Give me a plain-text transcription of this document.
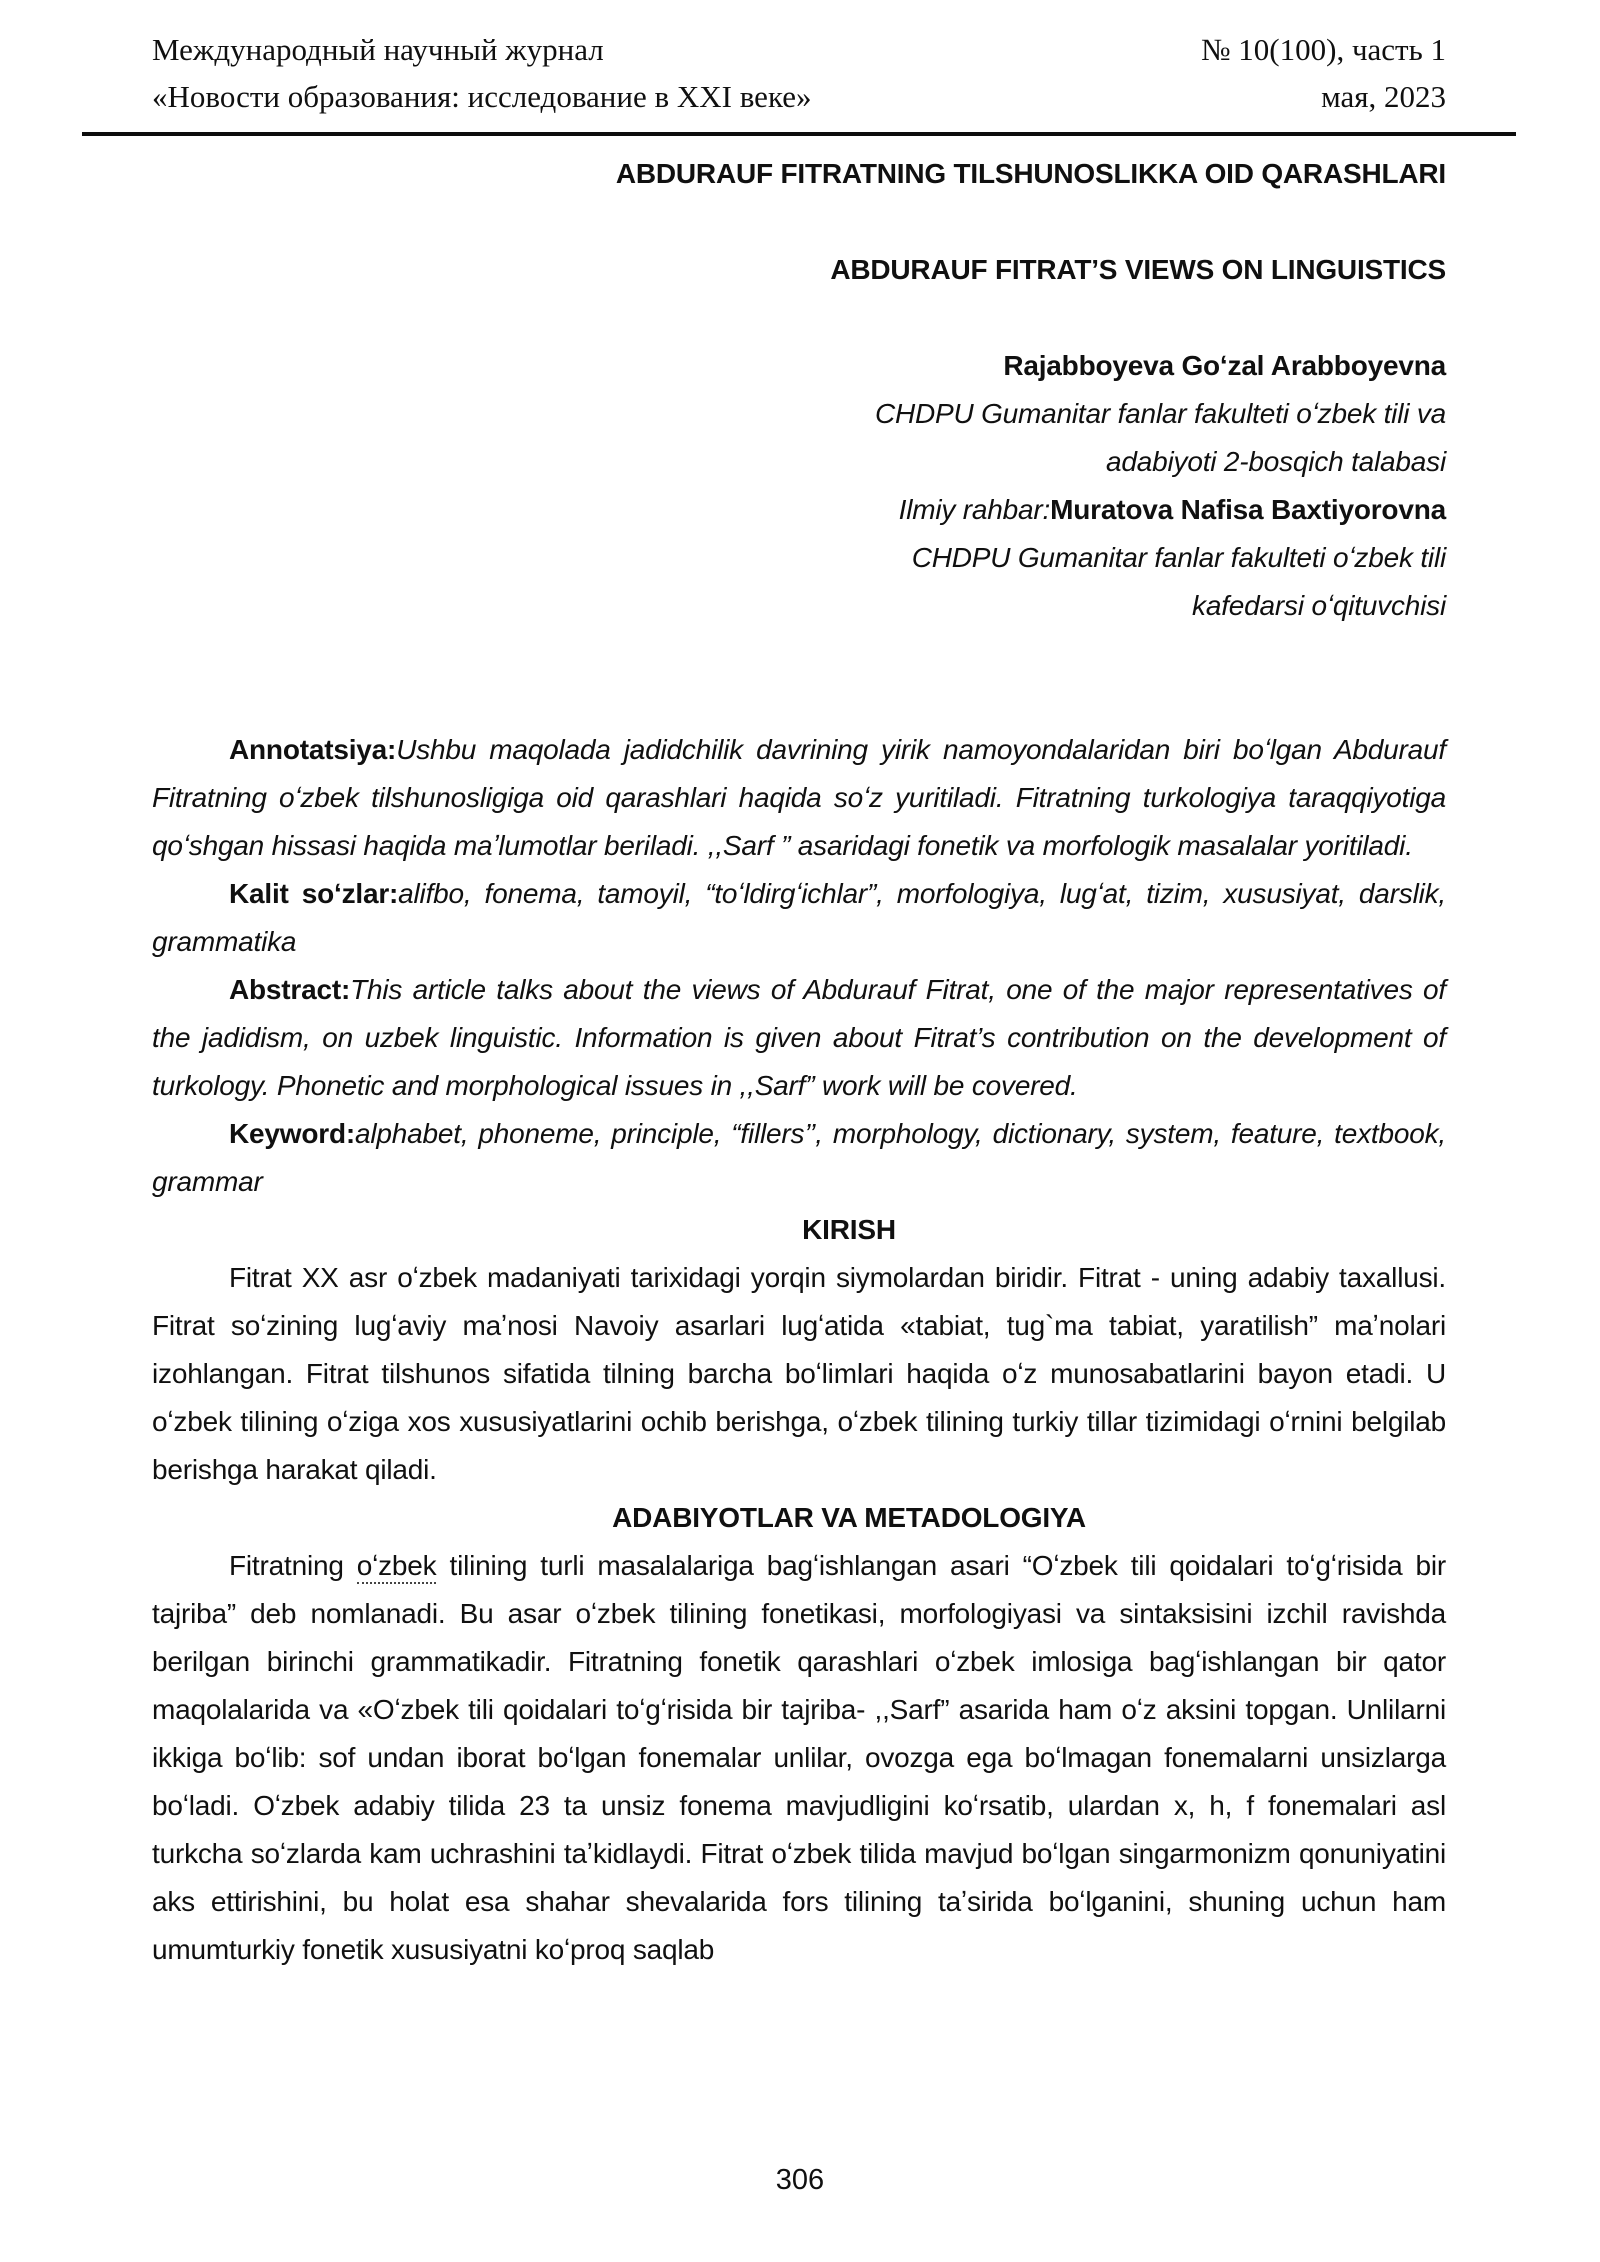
Международный научный журнал
«Новости образования: исследование в XXI веке»
№ 10(100), часть 1
мая, 2023
ABDURAUF FITRATNING TILSHUNOSLIKKA OID QARASHLARI
ABDURAUF FITRAT’S VIEWS ON LINGUISTICS
Rajabboyeva Goʻzal Arabboyevna
CHDPU Gumanitar fanlar fakulteti oʻzbek tili va
adabiyoti 2-bosqich talabasi
Ilmiy rahbar:Muratova Nafisa Baxtiyorovna
CHDPU Gumanitar fanlar fakulteti oʻzbek tili
kafedarsi oʻqituvchisi

Annotatsiya:Ushbu maqolada jadidchilik davrining yirik namoyondalaridan biri boʻlgan Abdurauf Fitratning oʻzbek tilshunosligiga oid qarashlari haqida soʻz yuritiladi. Fitratning turkologiya taraqqiyotiga qoʻshgan hissasi haqida maʼlumotlar beriladi. ,,Sarf ” asaridagi fonetik va morfologik masalalar yoritiladi.

Kalit soʻzlar:alifbo, fonema, tamoyil, “toʻldirgʻichlar”, morfologiya, lugʻat, tizim, xususiyat, darslik, grammatika

Abstract:This article talks about the views of Abdurauf Fitrat, one of the major representatives of the jadidism, on uzbek linguistic. Information is given about Fitrat’s contribution on the development of turkology. Phonetic and morphological issues in ,,Sarf” work will be covered.

Keyword:alphabet, phoneme, principle, “fillers’’, morphology, dictionary, system, feature, textbook, grammar

KIRISH

Fitrat XX asr oʻzbek madaniyati tarixidagi yorqin siymolardan biridir. Fitrat - uning adabiy taxallusi. Fitrat soʻzining lugʻaviy maʼnosi Navoiy asarlari lugʻatida «tabiat, tug`ma tabiat, yaratilish” maʼnolari izohlangan. Fitrat tilshunos sifatida tilning barcha boʻlimlari haqida oʻz munosabatlarini bayon etadi. U oʻzbek tilining oʻziga xos xususiyatlarini ochib berishga, oʻzbek tilining turkiy tillar tizimidagi oʻrnini belgilab berishga harakat qiladi.

ADABIYOTLAR VA METADOLOGIYA

Fitratning oʻzbek tilining turli masalalariga bagʻishlangan asari “Oʻzbek tili qoidalari toʻgʻrisida bir tajriba” deb nomlanadi. Bu asar oʻzbek tilining fonetikasi, morfologiyasi va sintaksisini izchil ravishda berilgan birinchi grammatikadir. Fitratning fonetik qarashlari oʻzbek imlosiga bagʻishlangan bir qator maqolalarida va «Oʻzbek tili qoidalari toʻgʻrisida bir tajriba- ,,Sarf” asarida ham oʻz aksini topgan. Unlilarni ikkiga boʻlib: sof undan iborat boʻlgan fonemalar unlilar, ovozga ega boʻlmagan fonemalarni unsizlarga boʻladi. Oʻzbek adabiy tilida 23 ta unsiz fonema mavjudligini koʻrsatib, ulardan x, h, f fonemalari asl turkcha soʻzlarda kam uchrashini taʼkidlaydi. Fitrat oʻzbek tilida mavjud boʻlgan singarmonizm qonuniyatini aks ettirishini, bu holat esa shahar shevalarida fors tilining taʼsirida boʻlganini, shuning uchun ham umumturkiy fonetik xususiyatni koʻproq saqlab

306
